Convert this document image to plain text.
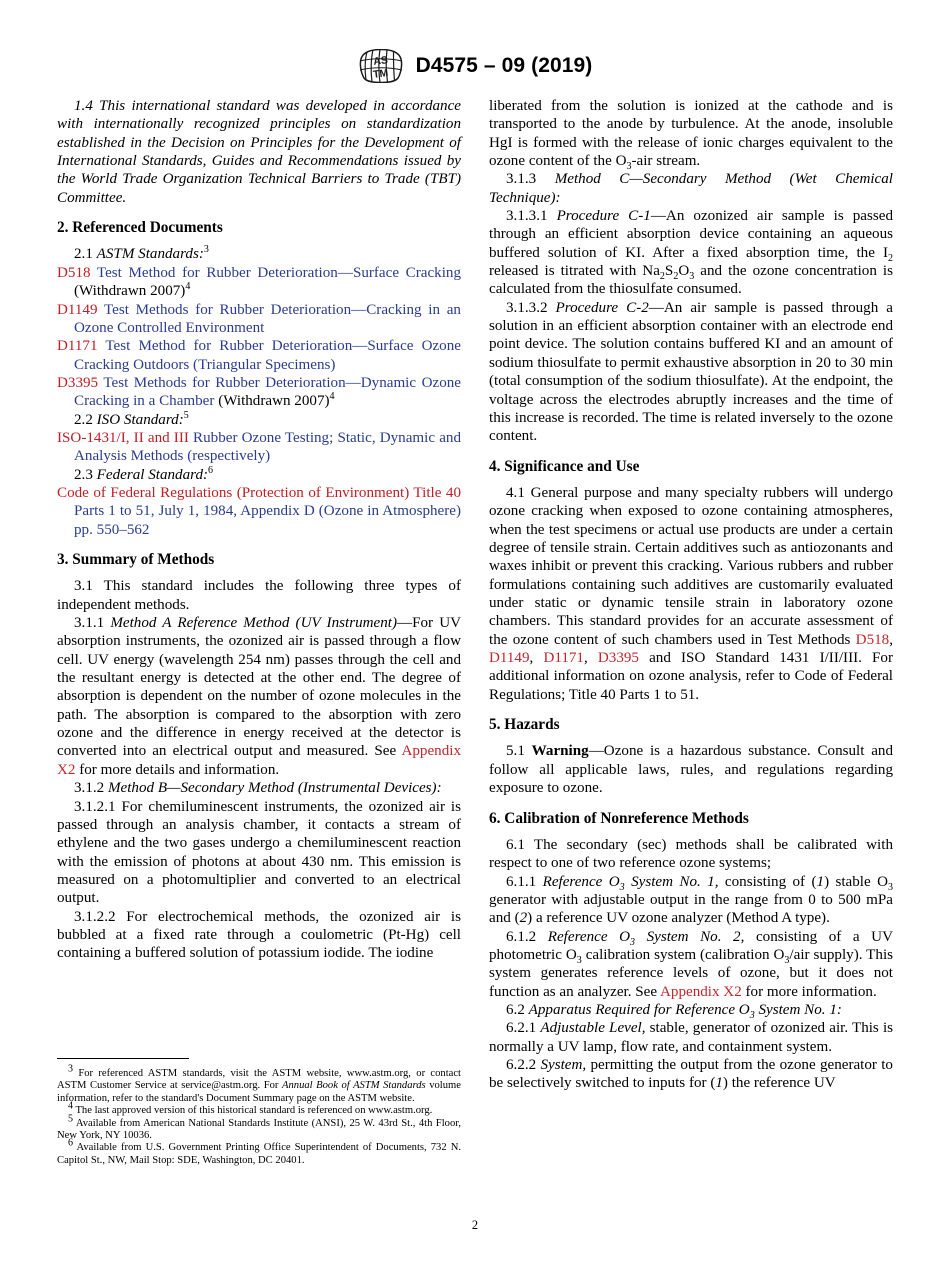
AS
TM D4575 – 09 (2019)

1.4 This international standard was developed in accordance with internationally recognized principles on standardization established in the Decision on Principles for the Development of International Standards, Guides and Recommendations issued by the World Trade Organization Technical Barriers to Trade (TBT) Committee.

2. Referenced Documents

2.1 ASTM Standards:$^3$

D518 Test Method for Rubber Deterioration—Surface Cracking (Withdrawn 2007)$^4$

D1149 Test Methods for Rubber Deterioration—Cracking in an Ozone Controlled Environment

D1171 Test Method for Rubber Deterioration—Surface Ozone Cracking Outdoors (Triangular Specimens)

D3395 Test Methods for Rubber Deterioration—Dynamic Ozone Cracking in a Chamber (Withdrawn 2007)$^4$

2.2 ISO Standard:$^5$

ISO-1431/I, II and III Rubber Ozone Testing; Static, Dynamic and Analysis Methods (respectively)

2.3 Federal Standard:$^6$

Code of Federal Regulations (Protection of Environment) Title 40 Parts 1 to 51, July 1, 1984, Appendix D (Ozone in Atmosphere) pp. 550–562

3. Summary of Methods

3.1 This standard includes the following three types of independent methods.

3.1.1 Method A Reference Method (UV Instrument)—For UV absorption instruments, the ozonized air is passed through a flow cell. UV energy (wavelength 254 nm) passes through the cell and the resultant energy is detected at the other end. The degree of absorption is dependent on the number of ozone molecules in the path. The absorption is compared to the absorption with zero ozone and the difference in energy received at the detector is converted into an electrical output and measured. See Appendix X2 for more details and information.

3.1.2 Method B—Secondary Method (Instrumental Devices):

3.1.2.1 For chemiluminescent instruments, the ozonized air is passed through an analysis chamber, it contacts a stream of ethylene and the two gases undergo a chemiluminescent reaction with the emission of photons at about 430 nm. This emission is measured on a photomultiplier and converted to an electrical output.

3.1.2.2 For electrochemical methods, the ozonized air is bubbled at a fixed rate through a coulometric (Pt-Hg) cell containing a buffered solution of potassium iodide. The iodine

liberated from the solution is ionized at the cathode and is transported to the anode by turbulence. At the anode, insoluble HgI is formed with the release of ionic charges equivalent to the ozone content of the $O_3$-air stream.

3.1.3 Method C—Secondary Method (Wet Chemical Technique):

3.1.3.1 Procedure C-1—An ozonized air sample is passed through an efficient absorption device containing an aqueous buffered solution of KI. After a fixed absorption time, the $I_2$ released is titrated with $Na_2S_2O_3$ and the ozone concentration is calculated from the thiosulfate consumed.

3.1.3.2 Procedure C-2—An air sample is passed through a solution in an efficient absorption container with an electrode end point device. The solution contains buffered KI and an amount of sodium thiosulfate to permit exhaustive absorption in 20 to 30 min (total consumption of the sodium thiosulfate). At the endpoint, the voltage across the electrodes abruptly increases and the time of this increase is recorded. The time is related inversely to the ozone content.

4. Significance and Use

4.1 General purpose and many specialty rubbers will undergo ozone cracking when exposed to ozone containing atmospheres, when the test specimens or actual use products are under a certain degree of tensile strain. Certain additives such as antiozonants and waxes inhibit or prevent this cracking. Various rubbers and rubber formulations containing such additives are customarily evaluated under static or dynamic tensile strain in laboratory ozone chambers. This standard provides for an accurate assessment of the ozone content of such chambers used in Test Methods D518, D1149, D1171, D3395 and ISO Standard 1431 I/II/III. For additional information on ozone analysis, refer to Code of Federal Regulations; Title 40 Parts 1 to 51.

5. Hazards

5.1 Warning—Ozone is a hazardous substance. Consult and follow all applicable laws, rules, and regulations regarding exposure to ozone.

6. Calibration of Nonreference Methods

6.1 The secondary (sec) methods shall be calibrated with respect to one of two reference ozone systems;

6.1.1 Reference $O_3$ System No. 1, consisting of (1) stable $O_3$ generator with adjustable output in the range from 0 to 500 mPa and (2) a reference UV ozone analyzer (Method A type).

6.1.2 Reference $O_3$ System No. 2, consisting of a UV photometric $O_3$ calibration system (calibration $O_3$/air supply). This system generates reference levels of ozone, but it does not function as an analyzer. See Appendix X2 for more information.

6.2 Apparatus Required for Reference $O_3$ System No. 1:

6.2.1 Adjustable Level, stable, generator of ozonized air. This is normally a UV lamp, flow rate, and containment system.

6.2.2 System, permitting the output from the ozone generator to be selectively switched to inputs for (1) the reference UV

$^3$ For referenced ASTM standards, visit the ASTM website, www.astm.org, or contact ASTM Customer Service at service@astm.org. For Annual Book of ASTM Standards volume information, refer to the standard's Document Summary page on the ASTM website.

$^4$ The last approved version of this historical standard is referenced on www.astm.org.

$^5$ Available from American National Standards Institute (ANSI), 25 W. 43rd St., 4th Floor, New York, NY 10036.

$^6$ Available from U.S. Government Printing Office Superintendent of Documents, 732 N. Capitol St., NW, Mail Stop: SDE, Washington, DC 20401.

2
